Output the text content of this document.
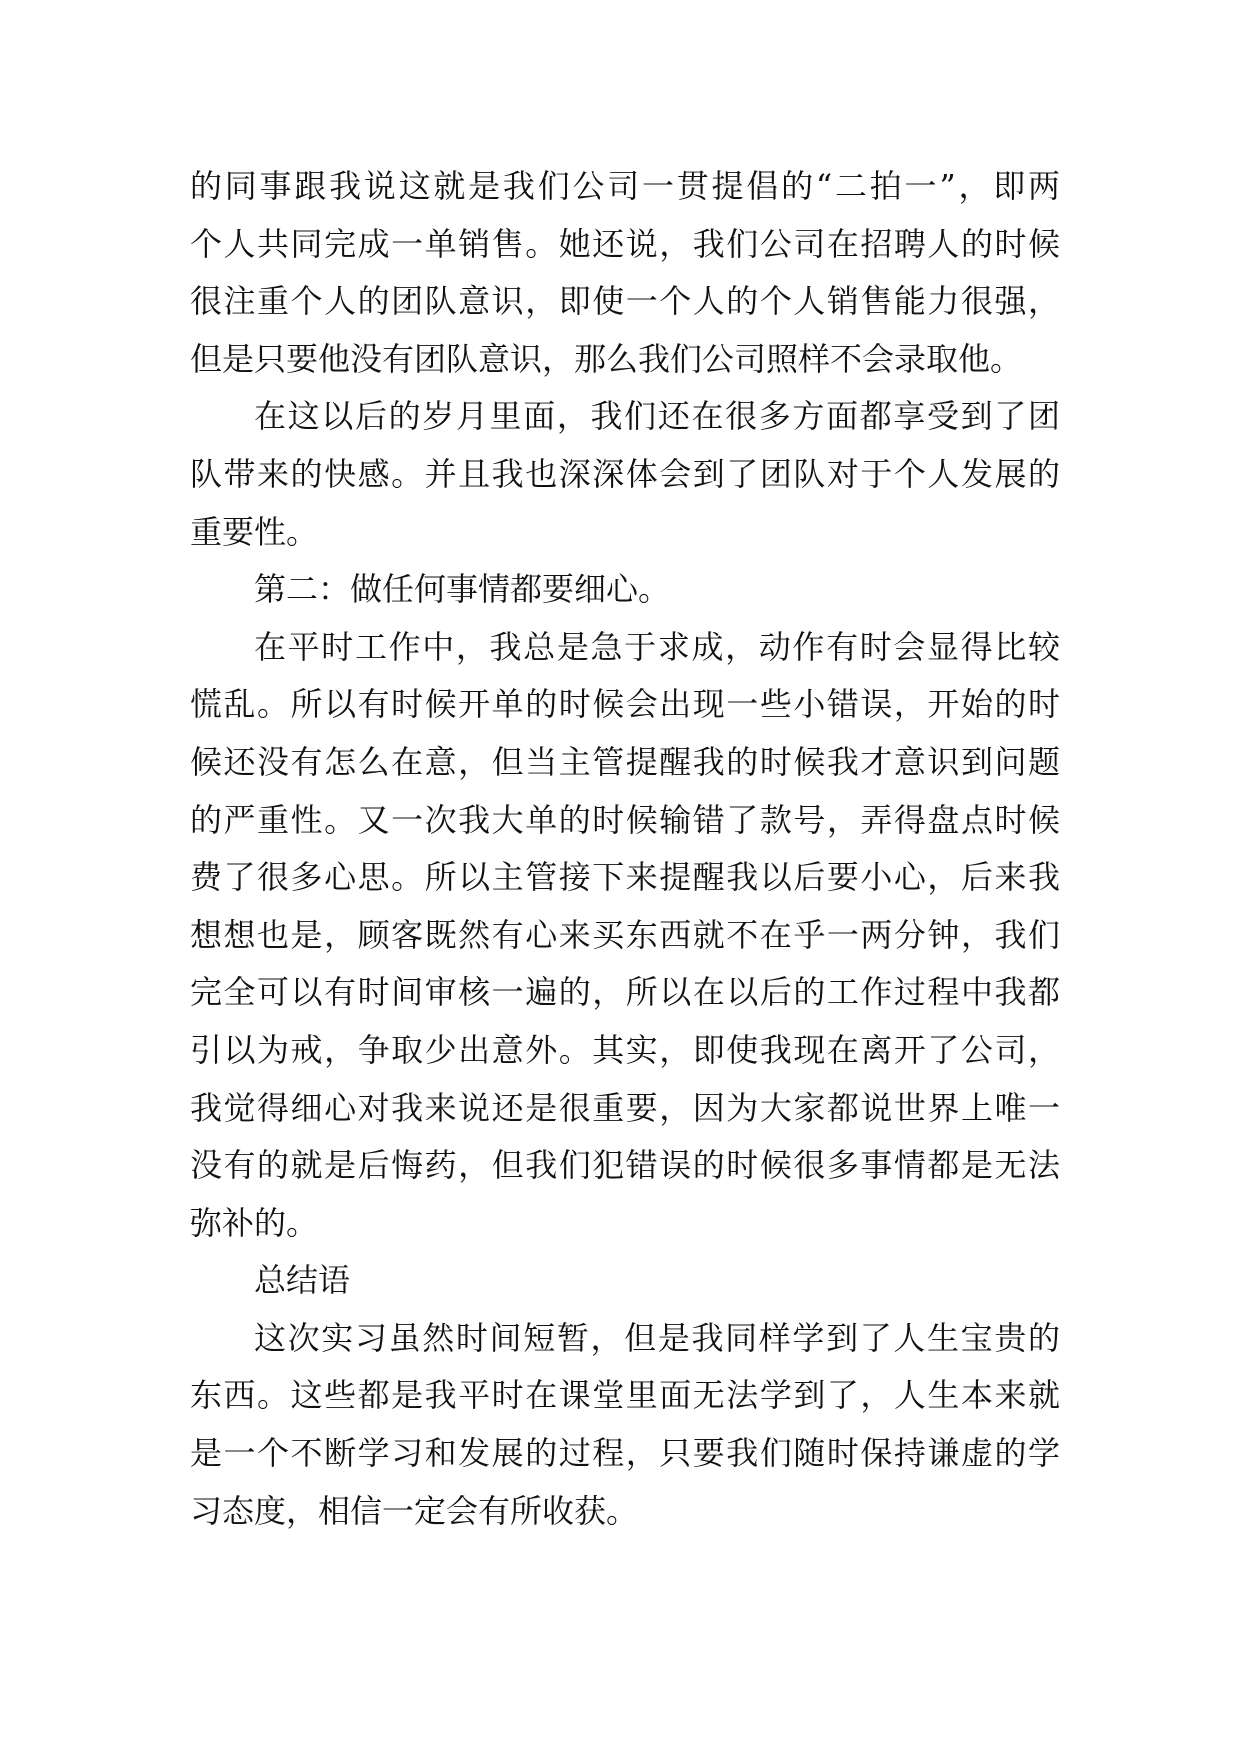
的同事跟我说这就是我们公司一贯提倡的“二拍一”，即两
个人共同完成一单销售。她还说，我们公司在招聘人的时候
很注重个人的团队意识，即使一个人的个人销售能力很强，
但是只要他没有团队意识，那么我们公司照样不会录取他。
在这以后的岁月里面，我们还在很多方面都享受到了团
队带来的快感。并且我也深深体会到了团队对于个人发展的
重要性。
第二：做任何事情都要细心。
在平时工作中，我总是急于求成，动作有时会显得比较
慌乱。所以有时候开单的时候会出现一些小错误，开始的时
候还没有怎么在意，但当主管提醒我的时候我才意识到问题
的严重性。又一次我大单的时候输错了款号，弄得盘点时候
费了很多心思。所以主管接下来提醒我以后要小心，后来我
想想也是，顾客既然有心来买东西就不在乎一两分钟，我们
完全可以有时间审核一遍的，所以在以后的工作过程中我都
引以为戒，争取少出意外。其实，即使我现在离开了公司，
我觉得细心对我来说还是很重要，因为大家都说世界上唯一
没有的就是后悔药，但我们犯错误的时候很多事情都是无法
弥补的。
总结语
这次实习虽然时间短暂，但是我同样学到了人生宝贵的
东西。这些都是我平时在课堂里面无法学到了，人生本来就
是一个不断学习和发展的过程，只要我们随时保持谦虚的学
习态度，相信一定会有所收获。
